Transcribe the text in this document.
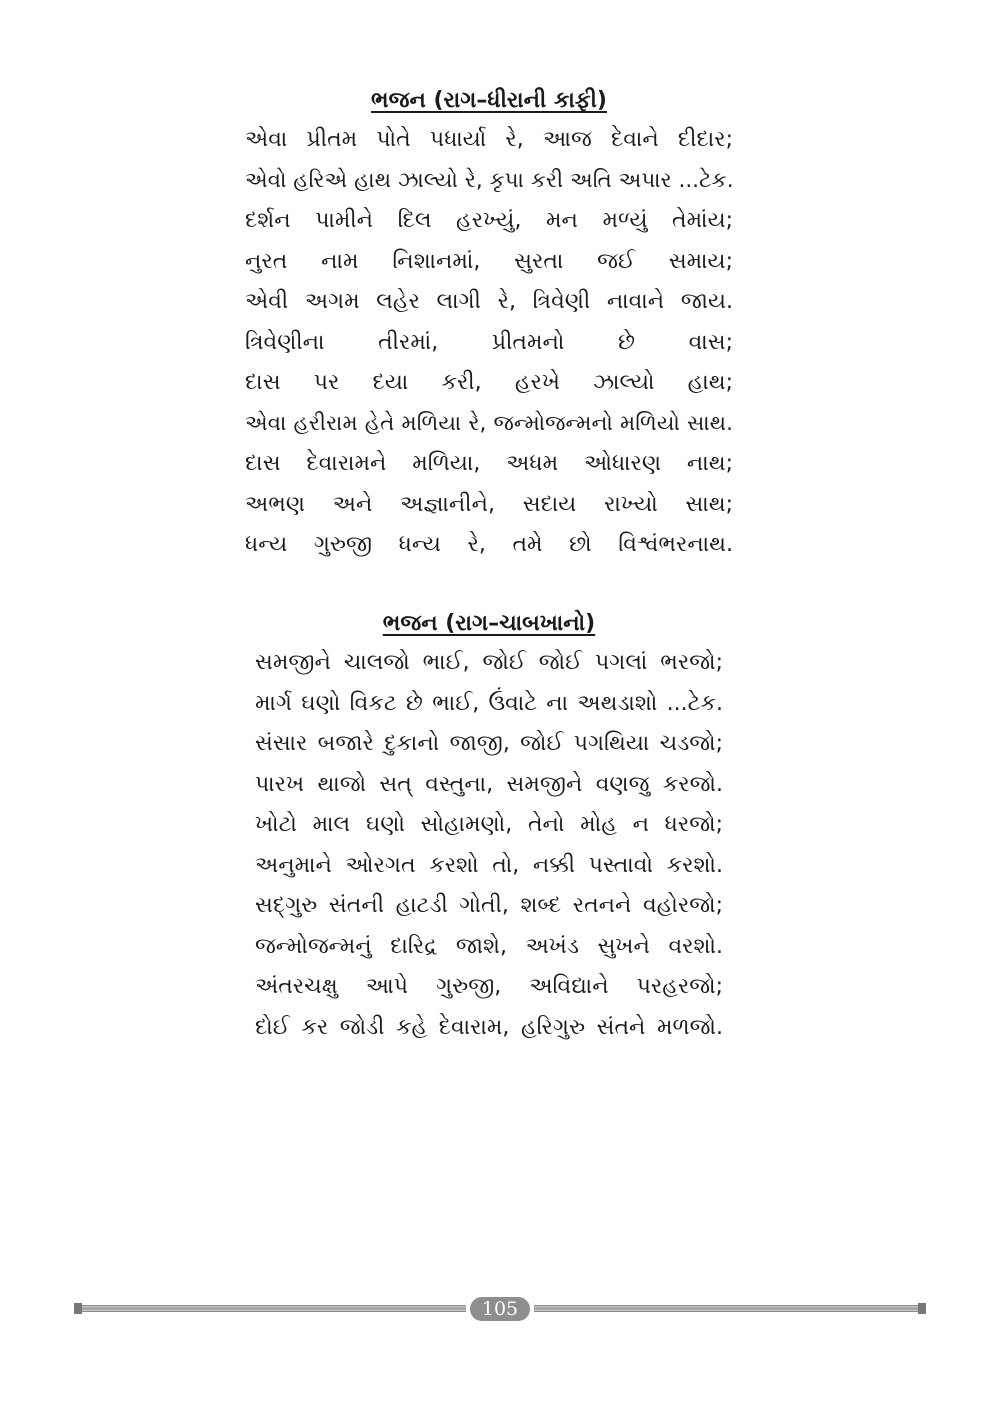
ભજન (રાગ–ધીરાની કાફી)
એવા પ્રીતમ પોતે પધાર્યા રે, આજ દેવાને દીદાર;
એવો હરિએ હાથ ઝાલ્યો રે, કૃપા કરી અતિ અપાર ...ટેક.
દર્શન પામીને દિલ હરખ્યું, મન મળ્યું તેમાંય;
નુરત નામ નિશાનમાં, સુરતા જઈ સમાય;
એવી અગમ લહેર લાગી રે, ત્રિવેણી નાવાને જાય.
ત્રિવેણીના તીરમાં, પ્રીતમનો છે વાસ;
દાસ પર દયા કરી, હરખે ઝાલ્યો હાથ;
એવા હરીરામ હેતે મળિયા રે, જન્મોજન્મનો મળિયો સાથ.
દાસ દેવારામને મળિયા, અધમ ઓધારણ નાથ;
અભણ અને અજ્ઞાનીને, સદાય રાખ્યો સાથ;
ધન્ય ગુરુજી ધન્ય રે, તમે છો વિશ્વંભરનાથ.
ભજન (રાગ–ચાબખાનો)
સમજીને ચાલજો ભાઈ, જોઈ જોઈ પગલાં ભરજો;
માર્ગ ઘણો વિકટ છે ભાઈ, ઉંવાટે ના અથડાશો ...ટેક.
સંસાર બજારે દુકાનો જાજી, જોઈ પગથિયા ચડજો;
પારખ થાજો સત્ વસ્તુના, સમજીને વણજુ કરજો.
ખોટો માલ ઘણો સોહામણો, તેનો મોહ ન ધરજો;
અનુમાને ઓરગત કરશો તો, નક્કી પસ્તાવો કરશો.
સદ્‌ગુરુ સંતની હાટડી ગોતી, શબ્દ રતનને વહોરજો;
જન્મોજન્મનું દારિદ્ર જાશે, અખંડ સુખને વરશો.
અંતરચક્ષુ આપે ગુરુજી, અવિદ્યાને પરહરજો;
દોઈ કર જોડી કહે દેવારામ, હરિગુરુ સંતને મળજો.
105
